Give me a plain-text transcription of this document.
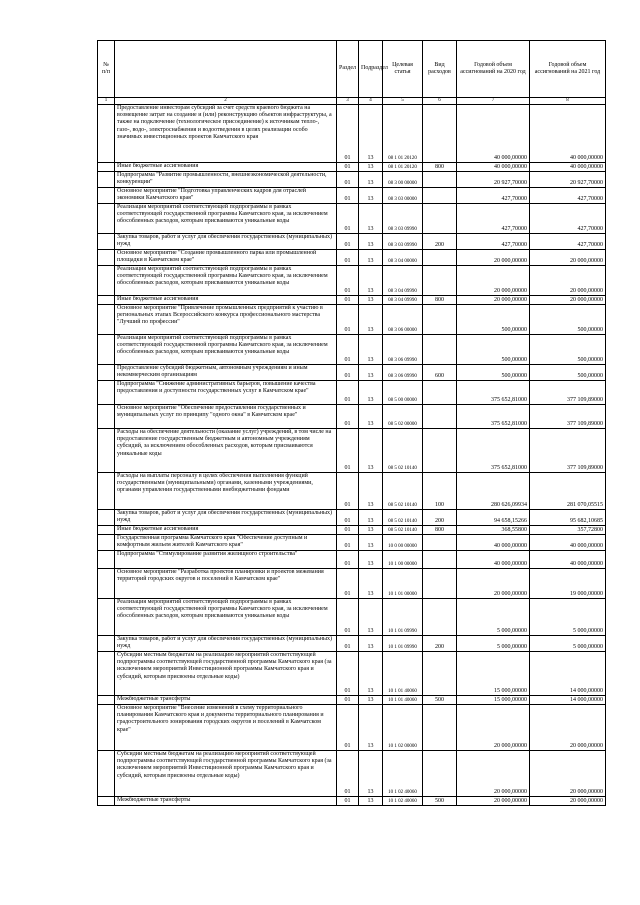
№ п/п		Раздел	Подраздел	Целевая статья	Вид расходов	Годовой объем ассигнований на 2020 год	Годовой объем ассигнований на 2021 год
1	2	3	4	5	6	7	8
	Предоставление инвесторам субсидий за счет средств краевого бюджета на возмещение затрат на создание и (или) реконструкцию объектов инфраструктуры, а также на подключение (технологическое присоединение) к источникам тепло-, газо-, водо-, электроснабжения и водоотведения в целях реализации особо значимых инвестиционных проектов Камчатского края	01	13	08 1 01 20120		40 000,00000	40 000,00000
	Иные бюджетные ассигнования	01	13	08 1 01 20120	800	40 000,00000	40 000,00000
	Подпрограмма "Развитие промышленности, внешнеэкономической деятельности, конкуренции"	01	13	08 3 00 00000		20 927,70000	20 927,70000
	Основное мероприятие "Подготовка управленческих кадров для отраслей экономики Камчатского края"	01	13	08 3 03 00000		427,70000	427,70000
	Реализация мероприятий соответствующей подпрограммы в рамках соответствующей государственной программы Камчатского края, за исключением обособленных расходов, которым присваиваются уникальные коды	01	13	08 3 03 09990		427,70000	427,70000
	Закупка товаров, работ и услуг для обеспечения государственных (муниципальных) нужд	01	13	08 3 03 09990	200	427,70000	427,70000
	Основное мероприятие "Создание промышленного парка или промышленной площадки в Камчатском крае"	01	13	08 3 04 00000		20 000,00000	20 000,00000
	Реализация мероприятий соответствующей подпрограммы в рамках соответствующей государственной программы Камчатского края, за исключением обособленных расходов, которым присваиваются уникальные коды	01	13	08 3 04 09990		20 000,00000	20 000,00000
	Иные бюджетные ассигнования	01	13	08 3 04 09990	800	20 000,00000	20 000,00000
	Основное мероприятие "Привлечение промышленных предприятий к участию в региональных этапах Всероссийского конкурса профессионального мастерства "Лучший по профессии"	01	13	08 3 06 00000		500,00000	500,00000
	Реализация мероприятий соответствующей подпрограммы в рамках соответствующей государственной программы Камчатского края, за исключением обособленных расходов, которым присваиваются уникальные коды	01	13	08 3 06 09990		500,00000	500,00000
	Предоставление субсидий бюджетным, автономным учреждениям и иным некоммерческим организациям	01	13	08 3 06 09990	600	500,00000	500,00000
	Подпрограмма "Снижение административных барьеров, повышение качества предоставления и доступности государственных услуг в Камчатском крае"	01	13	08 5 00 00000		375 652,81000	377 109,89000
	Основное мероприятие "Обеспечение предоставления государственных и муниципальных услуг по принципу "одного окна" в Камчатском крае"	01	13	08 5 02 00000		375 652,81000	377 109,89000
	Расходы на обеспечение деятельности (оказание услуг) учреждений, в том числе на предоставление государственным бюджетным и автономным учреждениям субсидий, за исключением обособленных расходов, которым присваиваются уникальные коды	01	13	08 5 02 10140		375 652,81000	377 109,89000
	Расходы на выплаты персоналу в целях обеспечения выполнения функций государственными (муниципальными) органами, казенными учреждениями, органами управления государственными внебюджетными фондами	01	13	08 5 02 10140	100	280 626,09934	281 070,05515
	Закупка товаров, работ и услуг для обеспечения государственных (муниципальных) нужд	01	13	08 5 02 10140	200	94 658,15266	95 682,10685
	Иные бюджетные ассигнования	01	13	08 5 02 10140	800	368,55800	357,72800
	Государственная программа Камчатского края "Обеспечение доступным и комфортным жильем жителей Камчатского края"	01	13	10 0 00 00000		40 000,00000	40 000,00000
	Подпрограмма "Стимулирование развития жилищного строительства"	01	13	10 1 00 00000		40 000,00000	40 000,00000
	Основное мероприятие "Разработка проектов планировки и проектов межевания территорий городских округов и поселений в Камчатском крае"	01	13	10 1 01 00000		20 000,00000	19 000,00000
	Реализация мероприятий соответствующей подпрограммы в рамках соответствующей государственной программы Камчатского края, за исключением обособленных расходов, которым присваиваются уникальные коды	01	13	10 1 01 09990		5 000,00000	5 000,00000
	Закупка товаров, работ и услуг для обеспечения государственных (муниципальных) нужд	01	13	10 1 01 09990	200	5 000,00000	5 000,00000
	Субсидии местным бюджетам на реализацию мероприятий соответствующей подпрограммы соответствующей государственной программы Камчатского края (за исключением мероприятий Инвестиционной программы Камчатского края и субсидий, которым присвоены отдельные коды)	01	13	10 1 01 40060		15 000,00000	14 000,00000
	Межбюджетные трансферты	01	13	10 1 01 40060	500	15 000,00000	14 000,00000
	Основное мероприятие "Внесение изменений в схему территориального планирования Камчатского края и документы территориального планирования и градостроительного зонирования городских округов и поселений в Камчатском крае"	01	13	10 1 02 00000		20 000,00000	20 000,00000
	Субсидии местным бюджетам на реализацию мероприятий соответствующей подпрограммы соответствующей государственной программы Камчатского края (за исключением мероприятий Инвестиционной программы Камчатского края и субсидий, которым присвоены отдельные коды)	01	13	10 1 02 40060		20 000,00000	20 000,00000
	Межбюджетные трансферты	01	13	10 1 02 40060	500	20 000,00000	20 000,00000
